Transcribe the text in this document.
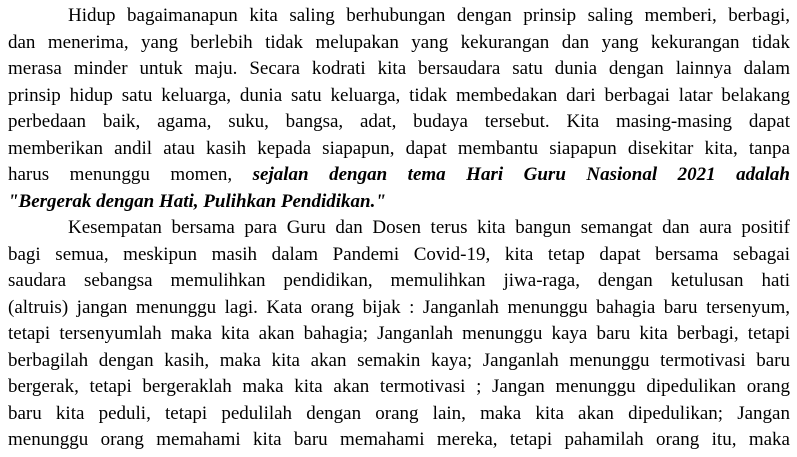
Hidup bagaimanapun kita saling berhubungan dengan prinsip saling memberi, berbagi,
dan menerima, yang berlebih tidak melupakan yang kekurangan dan yang kekurangan tidak
merasa minder untuk maju. Secara kodrati kita bersaudara satu dunia dengan lainnya dalam
prinsip hidup satu keluarga, dunia satu keluarga, tidak membedakan dari berbagai latar belakang
perbedaan baik, agama, suku, bangsa, adat, budaya tersebut. Kita masing-masing dapat
memberikan andil atau kasih kepada siapapun, dapat membantu siapapun disekitar kita, tanpa
harus menunggu momen, sejalan dengan tema Hari Guru Nasional 2021 adalah
"Bergerak dengan Hati, Pulihkan Pendidikan."
Kesempatan bersama para Guru dan Dosen terus kita bangun semangat dan aura positif
bagi semua, meskipun masih dalam Pandemi Covid-19, kita tetap dapat bersama sebagai
saudara sebangsa memulihkan pendidikan, memulihkan jiwa-raga, dengan ketulusan hati
(altruis) jangan menunggu lagi. Kata orang bijak : Janganlah menunggu bahagia baru tersenyum,
tetapi tersenyumlah maka kita akan bahagia; Janganlah menunggu kaya baru kita berbagi, tetapi
berbagilah dengan kasih, maka kita akan semakin kaya; Janganlah menunggu termotivasi baru
bergerak, tetapi bergeraklah maka kita akan termotivasi ; Jangan menunggu dipedulikan orang
baru kita peduli, tetapi pedulilah dengan orang lain, maka kita akan dipedulikan; Jangan
menunggu orang memahami kita baru memahami mereka, tetapi pahamilah orang itu, maka
